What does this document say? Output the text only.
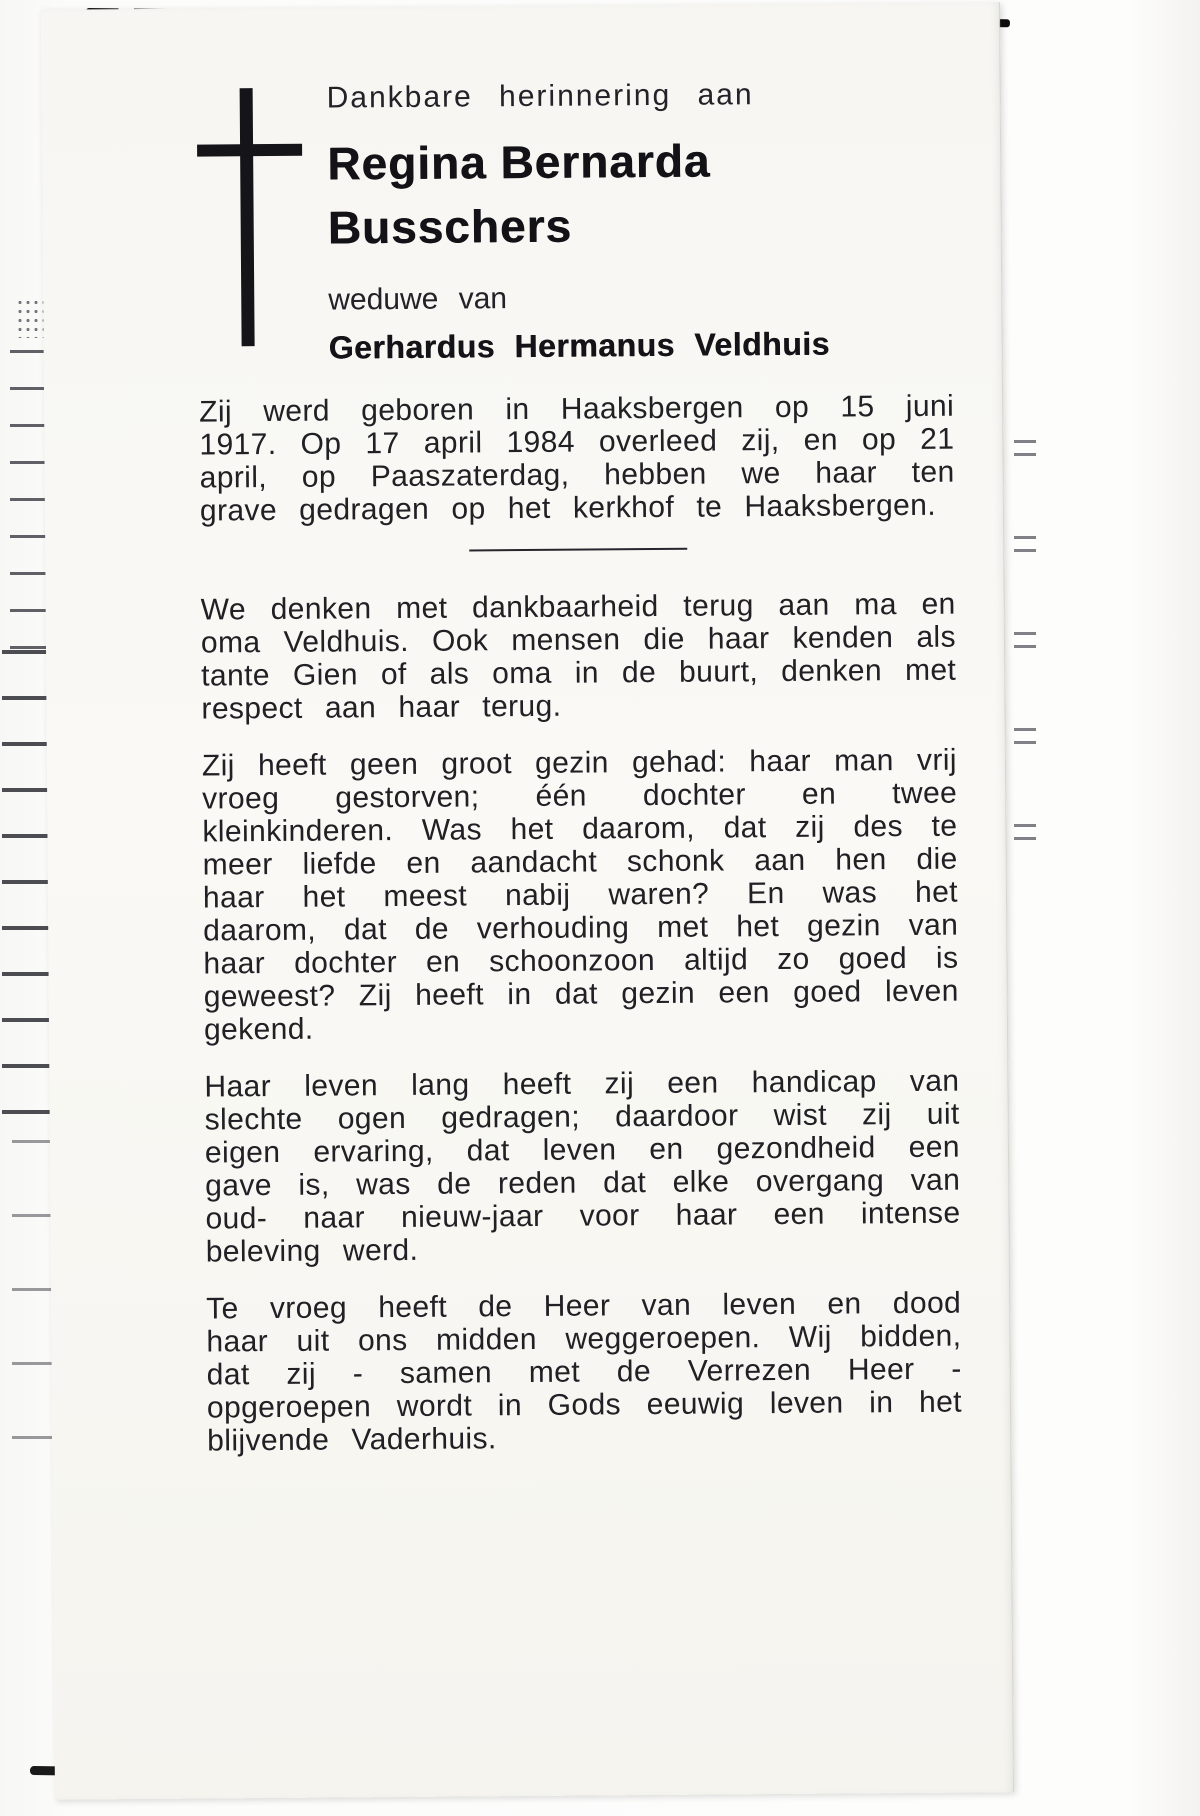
Dankbare herinnering aan
Regina Bernarda
Busschers
weduwe van
Gerhardus Hermanus Veldhuis

Zij werd geboren in Haaksbergen op 15 juni 1917. Op 17 april 1984 overleed zij, en op 21 april, op Paaszaterdag, hebben we haar ten grave gedragen op het kerkhof te Haaksbergen.

We denken met dankbaarheid terug aan ma en oma Veldhuis. Ook mensen die haar kenden als tante Gien of als oma in de buurt, denken met respect aan haar terug.

Zij heeft geen groot gezin gehad: haar man vrij vroeg gestorven; één dochter en twee kleinkinderen. Was het daarom, dat zij des te meer liefde en aandacht schonk aan hen die haar het meest nabij waren? En was het daarom, dat de verhouding met het gezin van haar dochter en schoonzoon altijd zo goed is geweest? Zij heeft in dat gezin een goed leven gekend.

Haar leven lang heeft zij een handicap van slechte ogen gedragen; daardoor wist zij uit eigen ervaring, dat leven en gezondheid een gave is, was de reden dat elke overgang van oud- naar nieuw-jaar voor haar een intense beleving werd.

Te vroeg heeft de Heer van leven en dood haar uit ons midden weggeroepen. Wij bidden, dat zij - samen met de Verrezen Heer - opgeroepen wordt in Gods eeuwig leven in het blijvende Vaderhuis.
